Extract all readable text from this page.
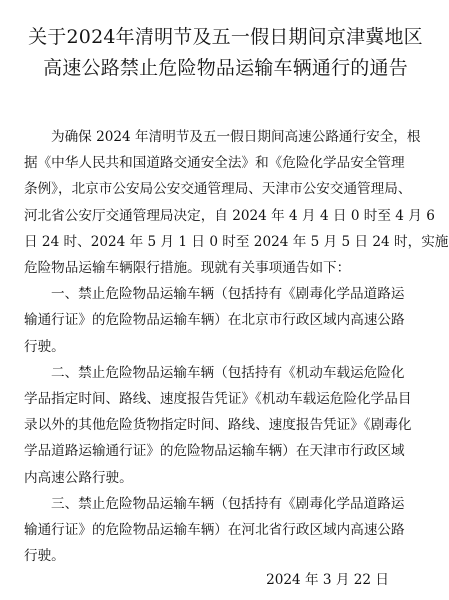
关于2024年清明节及五一假日期间京津冀地区
高速公路禁止危险物品运输车辆通行的通告

为确保 2024 年清明节及五一假日期间高速公路通行安全，根
据《中华人民共和国道路交通安全法》和《危险化学品安全管理
条例》，北京市公安局公安交通管理局、天津市公安交通管理局、
河北省公安厅交通管理局决定，自 2024 年 4 月 4 日 0 时至 4 月 6
日 24 时、2024 年 5 月 1 日 0 时至 2024 年 5 月 5 日 24 时，实施
危险物品运输车辆限行措施。现就有关事项通告如下：

一、禁止危险物品运输车辆（包括持有《剧毒化学品道路运
输通行证》的危险物品运输车辆）在北京市行政区域内高速公路
行驶。

二、禁止危险物品运输车辆（包括持有《机动车载运危险化
学品指定时间、路线、速度报告凭证》《机动车载运危险化学品目
录以外的其他危险货物指定时间、路线、速度报告凭证》《剧毒化
学品道路运输通行证》的危险物品运输车辆）在天津市行政区域
内高速公路行驶。

三、禁止危险物品运输车辆（包括持有《剧毒化学品道路运
输通行证》的危险物品运输车辆）在河北省行政区域内高速公路
行驶。

2024 年 3 月 22 日
